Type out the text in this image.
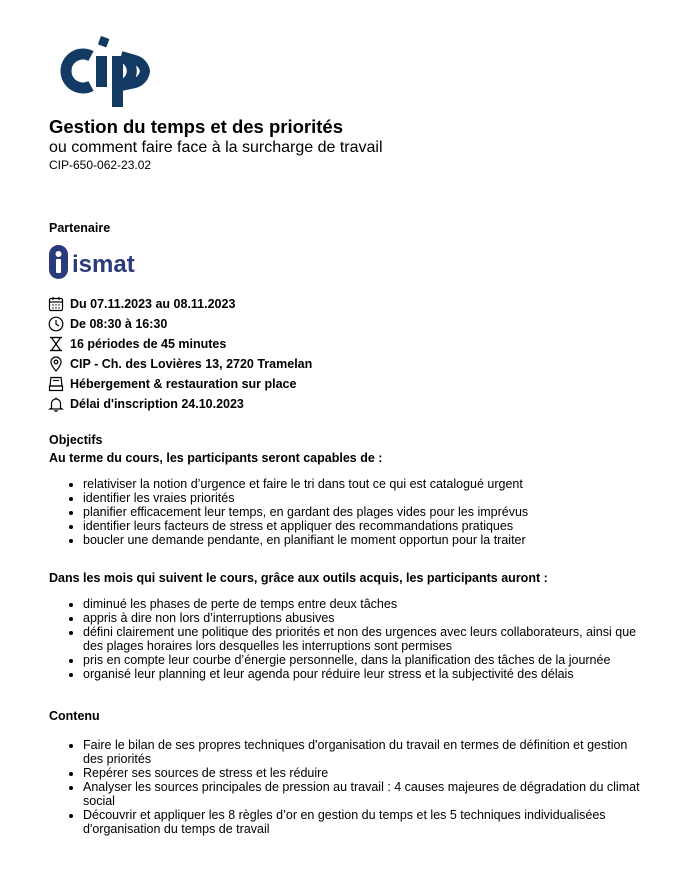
Gestion du temps et des priorités

ou comment faire face à la surcharge de travail

CIP-650-062-23.02

Partenaire
ismat
Du 07.11.2023 au 08.11.2023
De 08:30 à 16:30
16 périodes de 45 minutes
CIP - Ch. des Lovières 13, 2720 Tramelan
Hébergement & restauration sur place
Délai d'inscription 24.10.2023

Objectifs

Au terme du cours, les participants seront capables de :

• relativiser la notion d’urgence et faire le tri dans tout ce qui est catalogué urgent
• identifier les vraies priorités
• planifier efficacement leur temps, en gardant des plages vides pour les imprévus
• identifier leurs facteurs de stress et appliquer des recommandations pratiques
• boucler une demande pendante, en planifiant le moment opportun pour la traiter

Dans les mois qui suivent le cours, grâce aux outils acquis, les participants auront :

• diminué les phases de perte de temps entre deux tâches
• appris à dire non lors d’interruptions abusives
• défini clairement une politique des priorités et non des urgences avec leurs collaborateurs, ainsi que des plages horaires lors desquelles les interruptions sont permises
• pris en compte leur courbe d’énergie personnelle, dans la planification des tâches de la journée
• organisé leur planning et leur agenda pour réduire leur stress et la subjectivité des délais

Contenu

• Faire le bilan de ses propres techniques d'organisation du travail en termes de définition et gestion des priorités
• Repérer ses sources de stress et les réduire
• Analyser les sources principales de pression au travail : 4 causes majeures de dégradation du climat social
• Découvrir et appliquer les 8 règles d’or en gestion du temps et les 5 techniques individualisées d'organisation du temps de travail
